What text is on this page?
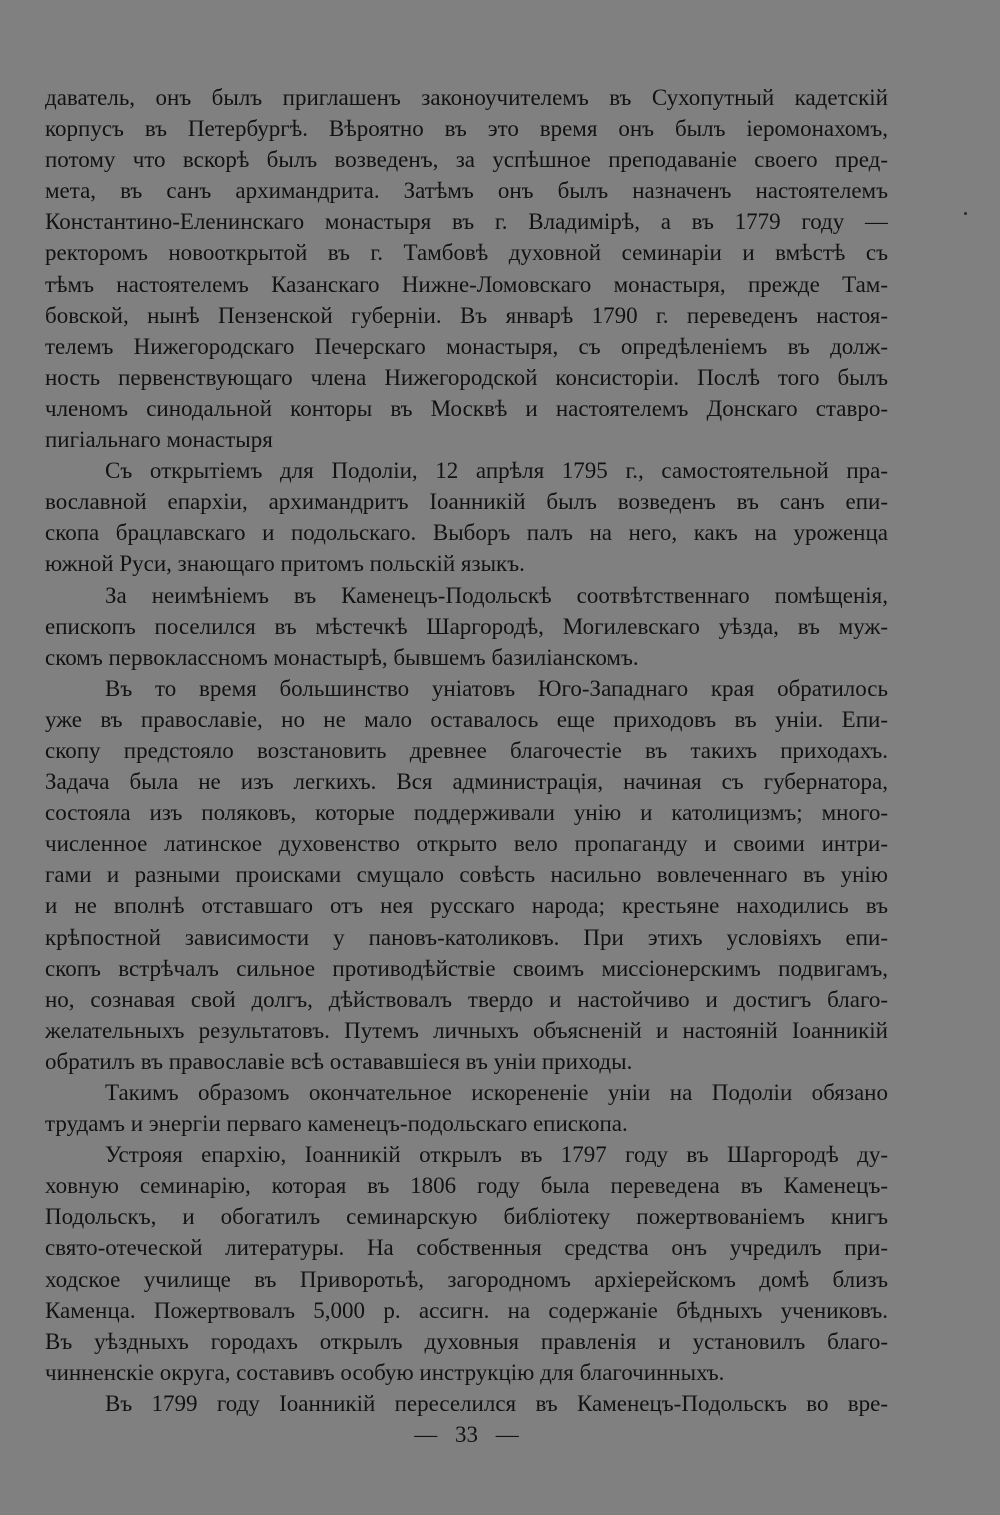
даватель, онъ былъ приглашенъ законоучителемъ въ Сухопутный кадетскій
корпусъ въ Петербургѣ. Вѣроятно въ это время онъ былъ іеромонахомъ,
потому что вскорѣ былъ возведенъ, за успѣшное преподаваніе своего пред-
мета, въ санъ архимандрита. Затѣмъ онъ былъ назначенъ настоятелемъ
Константино-Еленинскаго монастыря въ г. Владимірѣ, а въ 1779 году —
ректоромъ новооткрытой въ г. Тамбовѣ духовной семинаріи и вмѣстѣ съ
тѣмъ настоятелемъ Казанскаго Нижне-Ломовскаго монастыря, прежде Там-
бовской, нынѣ Пензенской губерніи. Въ январѣ 1790 г. переведенъ настоя-
телемъ Нижегородскаго Печерскаго монастыря, съ опредѣленіемъ въ долж-
ность первенствующаго члена Нижегородской консисторіи. Послѣ того былъ
членомъ синодальной конторы въ Москвѣ и настоятелемъ Донскаго ставро-
пигіальнаго монастыря
Съ открытіемъ для Подоліи, 12 апрѣля 1795 г., самостоятельной пра-
вославной епархіи, архимандритъ Іоанникій былъ возведенъ въ санъ епи-
скопа брацлавскаго и подольскаго. Выборъ палъ на него, какъ на уроженца
южной Руси, знающаго притомъ польскій языкъ.
За неимѣніемъ въ Каменецъ-Подольскѣ соотвѣтственнаго помѣщенія,
епископъ поселился въ мѣстечкѣ Шаргородѣ, Могилевскаго уѣзда, въ муж-
скомъ первоклассномъ монастырѣ, бывшемъ базиліанскомъ.
Въ то время большинство уніатовъ Юго-Западнаго края обратилось
уже въ православіе, но не мало оставалось еще приходовъ въ уніи. Епи-
скопу предстояло возстановить древнее благочестіе въ такихъ приходахъ.
Задача была не изъ легкихъ. Вся администрація, начиная съ губернатора,
состояла изъ поляковъ, которые поддерживали унію и католицизмъ; много-
численное латинское духовенство открыто вело пропаганду и своими интри-
гами и разными происками смущало совѣсть насильно вовлеченнаго въ унію
и не вполнѣ отставшаго отъ нея русскаго народа; крестьяне находились въ
крѣпостной зависимости у пановъ-католиковъ. При этихъ условіяхъ епи-
скопъ встрѣчалъ сильное противодѣйствіе своимъ миссіонерскимъ подвигамъ,
но, сознавая свой долгъ, дѣйствовалъ твердо и настойчиво и достигъ благо-
желательныхъ результатовъ. Путемъ личныхъ объясненій и настояній Іоанникій
обратилъ въ православіе всѣ остававшіеся въ уніи приходы.
Такимъ образомъ окончательное искорененіе уніи на Подоліи обязано
трудамъ и энергіи перваго каменецъ-подольскаго епископа.
Устрояя епархію, Іоанникій открылъ въ 1797 году въ Шаргородѣ ду-
ховную семинарію, которая въ 1806 году была переведена въ Каменецъ-
Подольскъ, и обогатилъ семинарскую библіотеку пожертвованіемъ книгъ
свято-отеческой литературы. На собственныя средства онъ учредилъ при-
ходское училище въ Приворотьѣ, загородномъ архіерейскомъ домѣ близъ
Каменца. Пожертвовалъ 5,000 р. ассигн. на содержаніе бѣдныхъ учениковъ.
Въ уѣздныхъ городахъ открылъ духовныя правленія и установилъ благо-
чинненскіе округа, составивъ особую инструкцію для благочинныхъ.
Въ 1799 году Іоанникій переселился въ Каменецъ-Подольскъ во вре-
— 33 —
